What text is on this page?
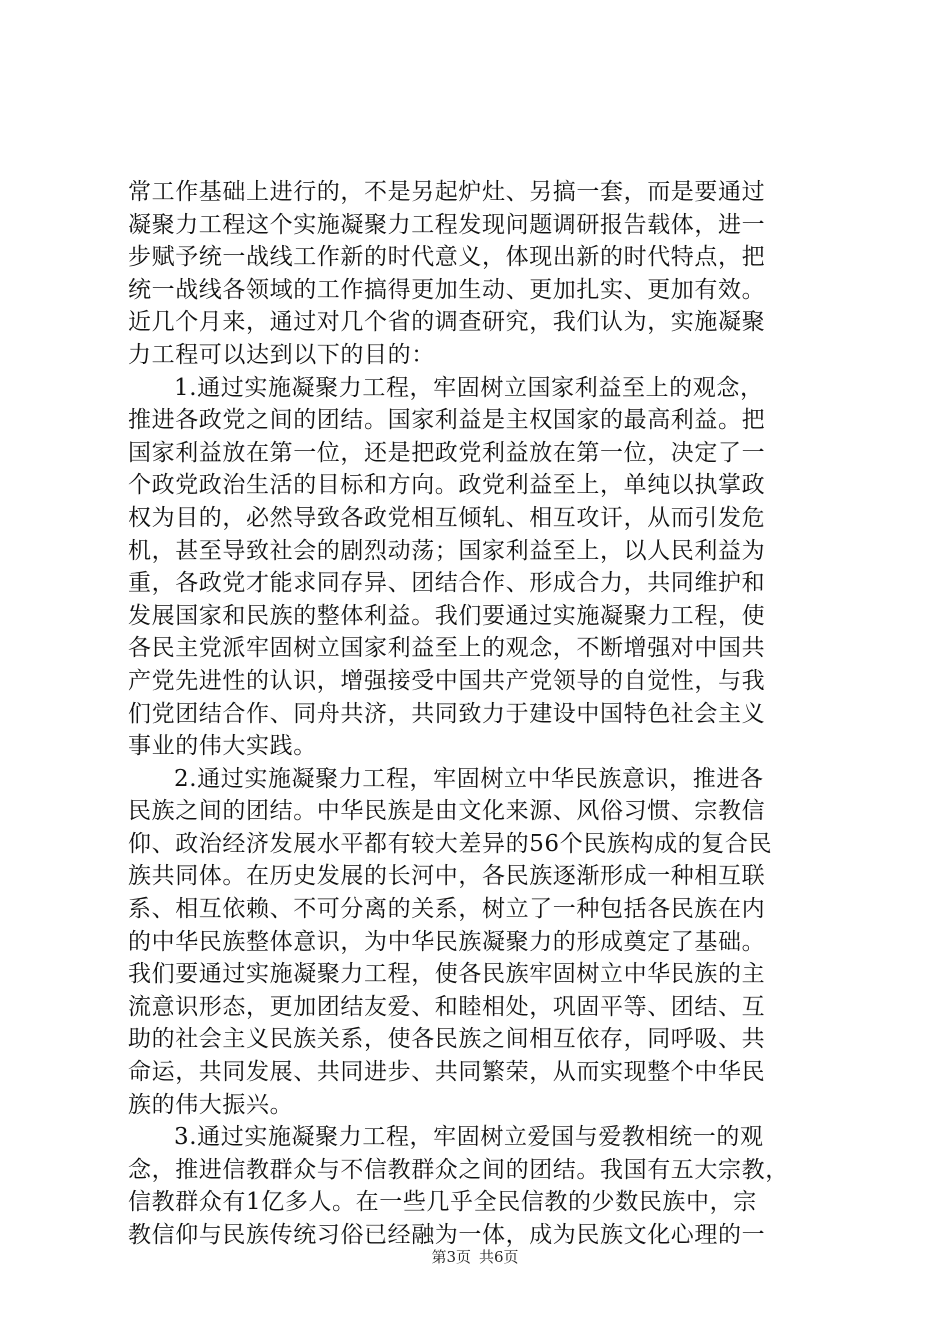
常工作基础上进行的，不是另起炉灶、另搞一套，而是要通过
凝聚力工程这个实施凝聚力工程发现问题调研报告载体，进一
步赋予统一战线工作新的时代意义，体现出新的时代特点，把
统一战线各领域的工作搞得更加生动、更加扎实、更加有效。
近几个月来，通过对几个省的调查研究，我们认为，实施凝聚
力工程可以达到以下的目的：
1.通过实施凝聚力工程，牢固树立国家利益至上的观念，
推进各政党之间的团结。国家利益是主权国家的最高利益。把
国家利益放在第一位，还是把政党利益放在第一位，决定了一
个政党政治生活的目标和方向。政党利益至上，单纯以执掌政
权为目的，必然导致各政党相互倾轧、相互攻讦，从而引发危
机，甚至导致社会的剧烈动荡；国家利益至上，以人民利益为
重，各政党才能求同存异、团结合作、形成合力，共同维护和
发展国家和民族的整体利益。我们要通过实施凝聚力工程，使
各民主党派牢固树立国家利益至上的观念，不断增强对中国共
产党先进性的认识，增强接受中国共产党领导的自觉性，与我
们党团结合作、同舟共济，共同致力于建设中国特色社会主义
事业的伟大实践。
2.通过实施凝聚力工程，牢固树立中华民族意识，推进各
民族之间的团结。中华民族是由文化来源、风俗习惯、宗教信
仰、政治经济发展水平都有较大差异的56个民族构成的复合民
族共同体。在历史发展的长河中，各民族逐渐形成一种相互联
系、相互依赖、不可分离的关系，树立了一种包括各民族在内
的中华民族整体意识，为中华民族凝聚力的形成奠定了基础。
我们要通过实施凝聚力工程，使各民族牢固树立中华民族的主
流意识形态，更加团结友爱、和睦相处，巩固平等、团结、互
助的社会主义民族关系，使各民族之间相互依存，同呼吸、共
命运，共同发展、共同进步、共同繁荣，从而实现整个中华民
族的伟大振兴。
3.通过实施凝聚力工程，牢固树立爱国与爱教相统一的观
念，推进信教群众与不信教群众之间的团结。我国有五大宗教，
信教群众有1亿多人。在一些几乎全民信教的少数民族中，宗
教信仰与民族传统习俗已经融为一体，成为民族文化心理的一
第3页 共6页
